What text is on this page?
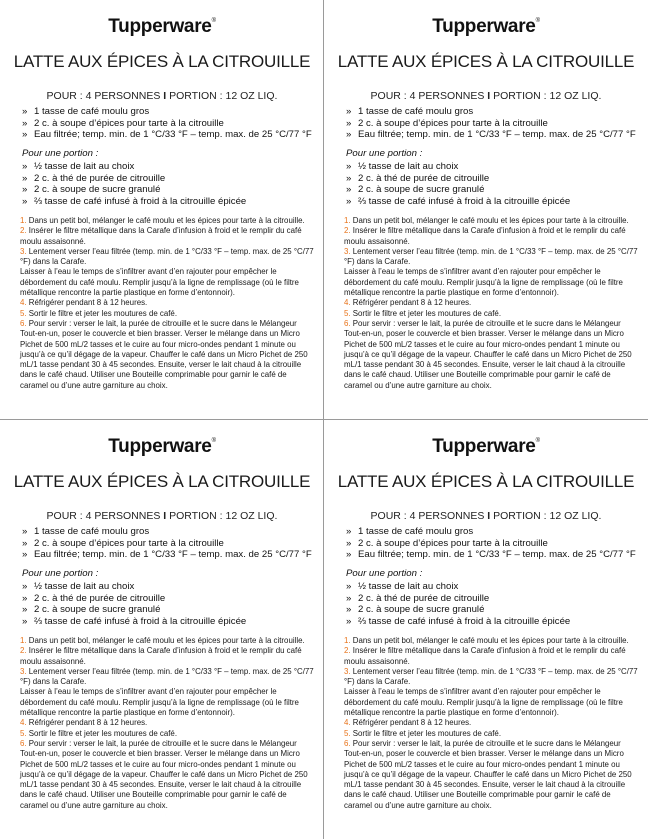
Tupperware®
LATTE AUX ÉPICES À LA CITROUILLE
POUR : 4 PERSONNES I PORTION : 12 OZ LIQ.
» 1 tasse de café moulu gros
» 2 c. à soupe d’épices pour tarte à la citrouille
» Eau filtrée; temp. min. de 1 °C/33 °F – temp. max. de 25 °C/77 °F
Pour une portion :
» ½ tasse de lait au choix
» 2 c. à thé de purée de citrouille
» 2 c. à soupe de sucre granulé
» ⅔ tasse de café infusé à froid à la citrouille épicée

1. Dans un petit bol, mélanger le café moulu et les épices pour tarte à la citrouille.

2. Insérer le filtre métallique dans la Carafe d’infusion à froid et le remplir du café moulu assaisonné.

3. Lentement verser l’eau filtrée (temp. min. de 1 °C/33 °F – temp. max. de 25 °C/77 °F) dans la Carafe.

Laisser à l’eau le temps de s’infiltrer avant d’en rajouter pour empêcher le débordement du café moulu. Remplir jusqu’à la ligne de remplissage (où le filtre métallique rencontre la partie plastique en forme d’entonnoir).

4. Réfrigérer pendant 8 à 12 heures.

5. Sortir le filtre et jeter les moutures de café.

6. Pour servir : verser le lait, la purée de citrouille et le sucre dans le Mélangeur Tout-en-un, poser le couvercle et bien brasser. Verser le mélange dans un Micro Pichet de 500 mL/2 tasses et le cuire au four micro-ondes pendant 1 minute ou jusqu’à ce qu’il dégage de la vapeur. Chauffer le café dans un Micro Pichet de 250 mL/1 tasse pendant 30 à 45 secondes. Ensuite, verser le lait chaud à la citrouille dans le café chaud. Utiliser une Bouteille comprimable pour garnir le café de caramel ou d’une autre garniture au choix.

Tupperware®
LATTE AUX ÉPICES À LA CITROUILLE
POUR : 4 PERSONNES I PORTION : 12 OZ LIQ.
» 1 tasse de café moulu gros
» 2 c. à soupe d’épices pour tarte à la citrouille
» Eau filtrée; temp. min. de 1 °C/33 °F – temp. max. de 25 °C/77 °F
Pour une portion :
» ½ tasse de lait au choix
» 2 c. à thé de purée de citrouille
» 2 c. à soupe de sucre granulé
» ⅔ tasse de café infusé à froid à la citrouille épicée

1. Dans un petit bol, mélanger le café moulu et les épices pour tarte à la citrouille.

2. Insérer le filtre métallique dans la Carafe d’infusion à froid et le remplir du café moulu assaisonné.

3. Lentement verser l’eau filtrée (temp. min. de 1 °C/33 °F – temp. max. de 25 °C/77 °F) dans la Carafe.

Laisser à l’eau le temps de s’infiltrer avant d’en rajouter pour empêcher le débordement du café moulu. Remplir jusqu’à la ligne de remplissage (où le filtre métallique rencontre la partie plastique en forme d’entonnoir).

4. Réfrigérer pendant 8 à 12 heures.

5. Sortir le filtre et jeter les moutures de café.

6. Pour servir : verser le lait, la purée de citrouille et le sucre dans le Mélangeur Tout-en-un, poser le couvercle et bien brasser. Verser le mélange dans un Micro Pichet de 500 mL/2 tasses et le cuire au four micro-ondes pendant 1 minute ou jusqu’à ce qu’il dégage de la vapeur. Chauffer le café dans un Micro Pichet de 250 mL/1 tasse pendant 30 à 45 secondes. Ensuite, verser le lait chaud à la citrouille dans le café chaud. Utiliser une Bouteille comprimable pour garnir le café de caramel ou d’une autre garniture au choix.

Tupperware®
LATTE AUX ÉPICES À LA CITROUILLE
POUR : 4 PERSONNES I PORTION : 12 OZ LIQ.
» 1 tasse de café moulu gros
» 2 c. à soupe d’épices pour tarte à la citrouille
» Eau filtrée; temp. min. de 1 °C/33 °F – temp. max. de 25 °C/77 °F
Pour une portion :
» ½ tasse de lait au choix
» 2 c. à thé de purée de citrouille
» 2 c. à soupe de sucre granulé
» ⅔ tasse de café infusé à froid à la citrouille épicée

1. Dans un petit bol, mélanger le café moulu et les épices pour tarte à la citrouille.

2. Insérer le filtre métallique dans la Carafe d’infusion à froid et le remplir du café moulu assaisonné.

3. Lentement verser l’eau filtrée (temp. min. de 1 °C/33 °F – temp. max. de 25 °C/77 °F) dans la Carafe.

Laisser à l’eau le temps de s’infiltrer avant d’en rajouter pour empêcher le débordement du café moulu. Remplir jusqu’à la ligne de remplissage (où le filtre métallique rencontre la partie plastique en forme d’entonnoir).

4. Réfrigérer pendant 8 à 12 heures.

5. Sortir le filtre et jeter les moutures de café.

6. Pour servir : verser le lait, la purée de citrouille et le sucre dans le Mélangeur Tout-en-un, poser le couvercle et bien brasser. Verser le mélange dans un Micro Pichet de 500 mL/2 tasses et le cuire au four micro-ondes pendant 1 minute ou jusqu’à ce qu’il dégage de la vapeur. Chauffer le café dans un Micro Pichet de 250 mL/1 tasse pendant 30 à 45 secondes. Ensuite, verser le lait chaud à la citrouille dans le café chaud. Utiliser une Bouteille comprimable pour garnir le café de caramel ou d’une autre garniture au choix.

Tupperware®
LATTE AUX ÉPICES À LA CITROUILLE
POUR : 4 PERSONNES I PORTION : 12 OZ LIQ.
» 1 tasse de café moulu gros
» 2 c. à soupe d’épices pour tarte à la citrouille
» Eau filtrée; temp. min. de 1 °C/33 °F – temp. max. de 25 °C/77 °F
Pour une portion :
» ½ tasse de lait au choix
» 2 c. à thé de purée de citrouille
» 2 c. à soupe de sucre granulé
» ⅔ tasse de café infusé à froid à la citrouille épicée

1. Dans un petit bol, mélanger le café moulu et les épices pour tarte à la citrouille.

2. Insérer le filtre métallique dans la Carafe d’infusion à froid et le remplir du café moulu assaisonné.

3. Lentement verser l’eau filtrée (temp. min. de 1 °C/33 °F – temp. max. de 25 °C/77 °F) dans la Carafe.

Laisser à l’eau le temps de s’infiltrer avant d’en rajouter pour empêcher le débordement du café moulu. Remplir jusqu’à la ligne de remplissage (où le filtre métallique rencontre la partie plastique en forme d’entonnoir).

4. Réfrigérer pendant 8 à 12 heures.

5. Sortir le filtre et jeter les moutures de café.

6. Pour servir : verser le lait, la purée de citrouille et le sucre dans le Mélangeur Tout-en-un, poser le couvercle et bien brasser. Verser le mélange dans un Micro Pichet de 500 mL/2 tasses et le cuire au four micro-ondes pendant 1 minute ou jusqu’à ce qu’il dégage de la vapeur. Chauffer le café dans un Micro Pichet de 250 mL/1 tasse pendant 30 à 45 secondes. Ensuite, verser le lait chaud à la citrouille dans le café chaud. Utiliser une Bouteille comprimable pour garnir le café de caramel ou d’une autre garniture au choix.
